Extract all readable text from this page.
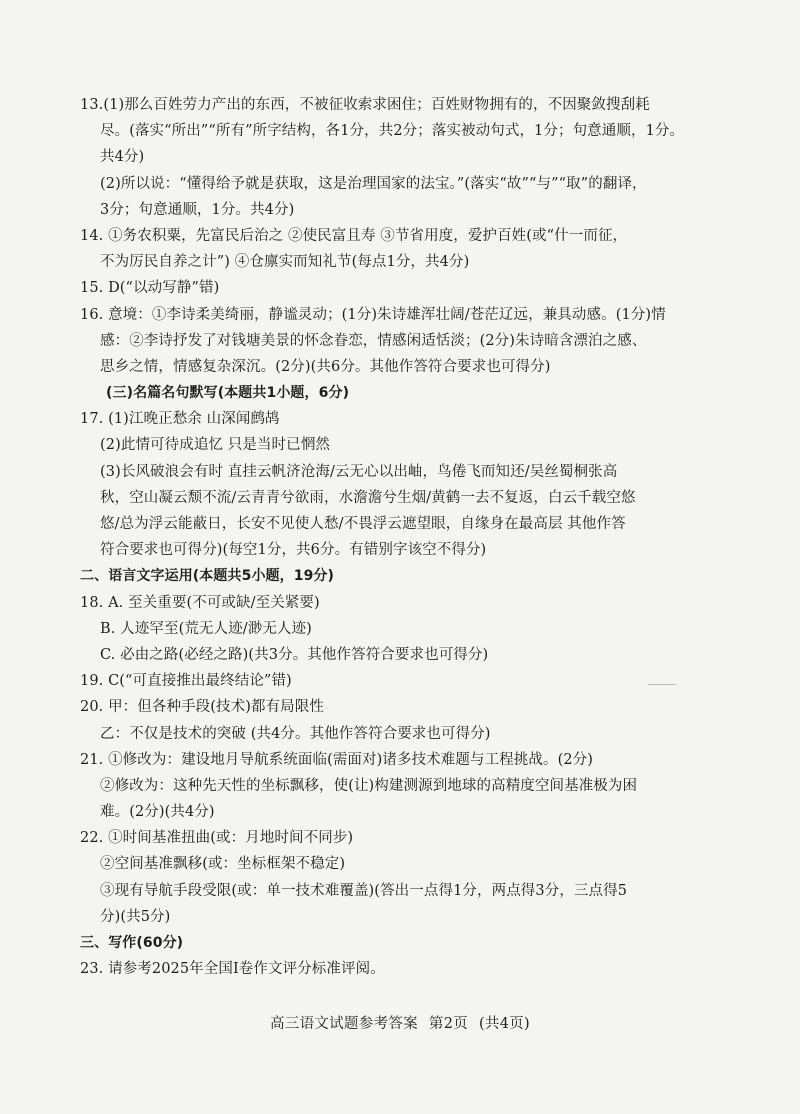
13.(1)那么百姓劳力产出的东西，不被征收索求困住；百姓财物拥有的，不因聚敛搜刮耗
尽。(落实“所出”“所有”所字结构，各1分，共2分；落实被动句式，1分；句意通顺，1分。
共4分)
(2)所以说：“懂得给予就是获取，这是治理国家的法宝。”(落实“故”“与”“取”的翻译，
3分；句意通顺，1分。共4分)
14. ①务农积粟，先富民后治之 ②使民富且寿 ③节省用度，爱护百姓(或“什一而征，
不为厉民自养之计”) ④仓廪实而知礼节(每点1分，共4分)
15. D(“以动写静”错)
16. 意境：①李诗柔美绮丽，静谧灵动；(1分)朱诗雄浑壮阔/苍茫辽远，兼具动感。(1分)情
感：②李诗抒发了对钱塘美景的怀念眷恋，情感闲适恬淡；(2分)朱诗暗含漂泊之感、
思乡之情，情感复杂深沉。(2分)(共6分。其他作答符合要求也可得分)
(三)名篇名句默写(本题共1小题，6分)
17. (1)江晚正愁余 山深闻鹧鸪
(2)此情可待成追忆 只是当时已惘然
(3)长风破浪会有时 直挂云帆济沧海/云无心以出岫，鸟倦飞而知还/吴丝蜀桐张高
秋，空山凝云颓不流/云青青兮欲雨，水澹澹兮生烟/黄鹤一去不复返，白云千载空悠
悠/总为浮云能蔽日，长安不见使人愁/不畏浮云遮望眼，自缘身在最高层 其他作答
符合要求也可得分)(每空1分，共6分。有错别字该空不得分)
二、语言文字运用(本题共5小题，19分)
18. A. 至关重要(不可或缺/至关紧要)
B. 人迹罕至(荒无人迹/渺无人迹)
C. 必由之路(必经之路)(共3分。其他作答符合要求也可得分)
19. C(“可直接推出最终结论”错)
20. 甲：但各种手段(技术)都有局限性
乙：不仅是技术的突破 (共4分。其他作答符合要求也可得分)
21. ①修改为：建设地月导航系统面临(需面对)诸多技术难题与工程挑战。(2分)
②修改为：这种先天性的坐标飘移，使(让)构建测源到地球的高精度空间基准极为困
难。(2分)(共4分)
22. ①时间基准扭曲(或：月地时间不同步)
②空间基准飘移(或：坐标框架不稳定)
③现有导航手段受限(或：单一技术难覆盖)(答出一点得1分，两点得3分，三点得5
分)(共5分)
三、写作(60分)
23. 请参考2025年全国Ⅰ卷作文评分标准评阅。
高三语文试题参考答案 第2页 (共4页)
